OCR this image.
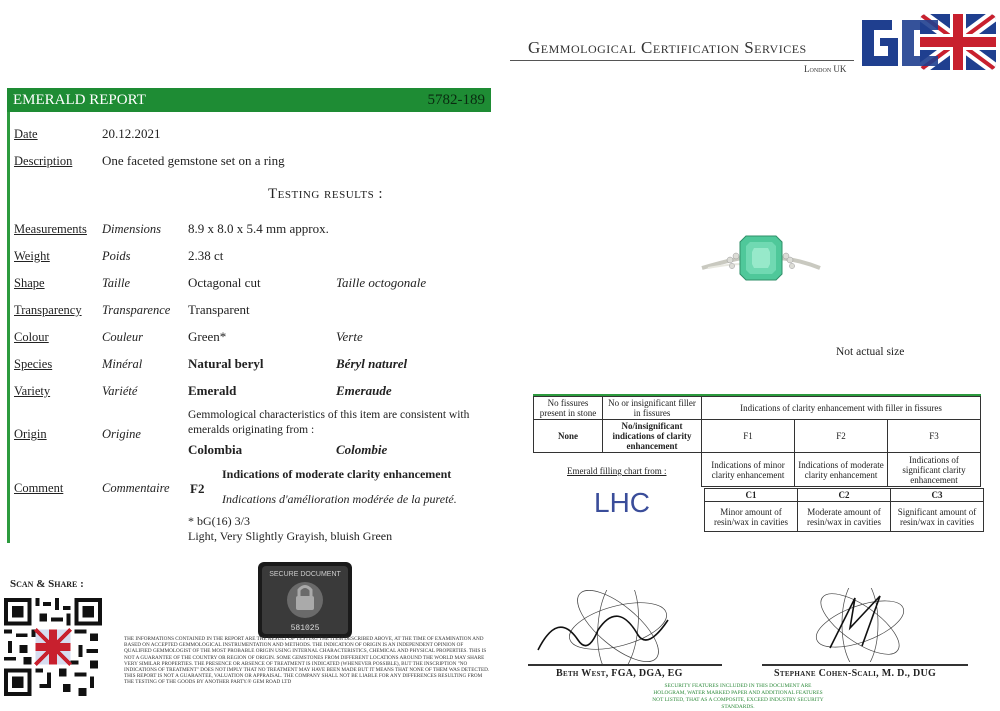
Gemmological Certification Services
London UK
EMERALD REPORT	5782-189
Date	20.12.2021
Description One faceted gemstone set on a ring
Testing results :
Measurements Dimensions 8.9 x 8.0 x 5.4 mm approx.
Weight	Poids	2.38 ct
Shape	Taille	Octagonal cut	Taille octogonale
Transparency Transparence Transparent
Colour	Couleur	Green*	Verte
Species	Minéral	Natural beryl	Béryl naturel
Variety	Variété	Emerald	Emeraude
Origin	Origine
Gemmological characteristics of this item are consistent with emeralds originating from :
Colombia	Colombie
Comment	Commentaire F2
Indications of moderate clarity enhancement
Indications d'amélioration modérée de la pureté.
* bG(16) 3/3
Light, Very Slightly Grayish, bluish Green
Not actual size
No fissures present in stone	No or insignificant filler in fissures	Indications of clarity enhancement with filler in fissures		
None	No/insignificant indications of clarity enhancement	F1	F2	F3
		Indications of minor clarity enhancement	Indications of moderate clarity enhancement	Indications of significant clarity enhancement
Emerald filling chart from :
LHC	C1	C2	C3
Minor amount of resin/wax in cavities	Moderate amount of resin/wax in cavities	Significant amount of resin/wax in cavities
Scan & Share :
SECURE DOCUMENT
581025
THE INFORMATIONS CONTAINED IN THE REPORT ARE THE RESULT OF TESTING THE ITEM DESCRIBED ABOVE, AT THE TIME OF EXAMINATION AND BASED ON ACCEPTED GEMMOLOGICAL INSTRUMENTATION AND METHODS. THE INDICATION OF ORIGIN IS AN INDEPENDENT OPINION OF QUALIFIED GEMMOLOGIST OF THE MOST PROBABLE ORIGIN USING INTERNAL CHARACTERISTICS, CHEMICAL AND PHYSICAL PROPERTIES. THIS IS NOT A GUARANTEE OF THE COUNTRY OR REGION OF ORIGIN. SOME GEMSTONES FROM DIFFERENT LOCATIONS AROUND THE WORLD MAY SHARE VERY SIMILAR PROPERTIES. THE PRESENCE OR ABSENCE OF TREATMENT IS INDICATED (WHENEVER POSSIBLE), BUT THE INSCRIPTION "NO INDICATIONS OF TREATMENT" DOES NOT IMPLY THAT NO TREATMENT MAY HAVE BEEN MADE BUT IT MEANS THAT NONE OF THEM WAS DETECTED. THIS REPORT IS NOT A GUARANTEE, VALUATION OR APPRAISAL. THE COMPANY SHALL NOT BE LIABLE FOR ANY DIFFERENCES RESULTING FROM THE TESTING OF THE GOODS BY ANOTHER PARTY.® GEM ROAD LTD
Beth West, FGA, DGA, EG	Stephane Cohen-Scali, M. D., DUG
SECURITY FEATURES INCLUDED IN THIS DOCUMENT ARE HOLOGRAM, WATER MARKED PAPER AND ADDITIONAL FEATURES NOT LISTED, THAT AS A COMPOSITE, EXCEED INDUSTRY SECURITY STANDARDS.
